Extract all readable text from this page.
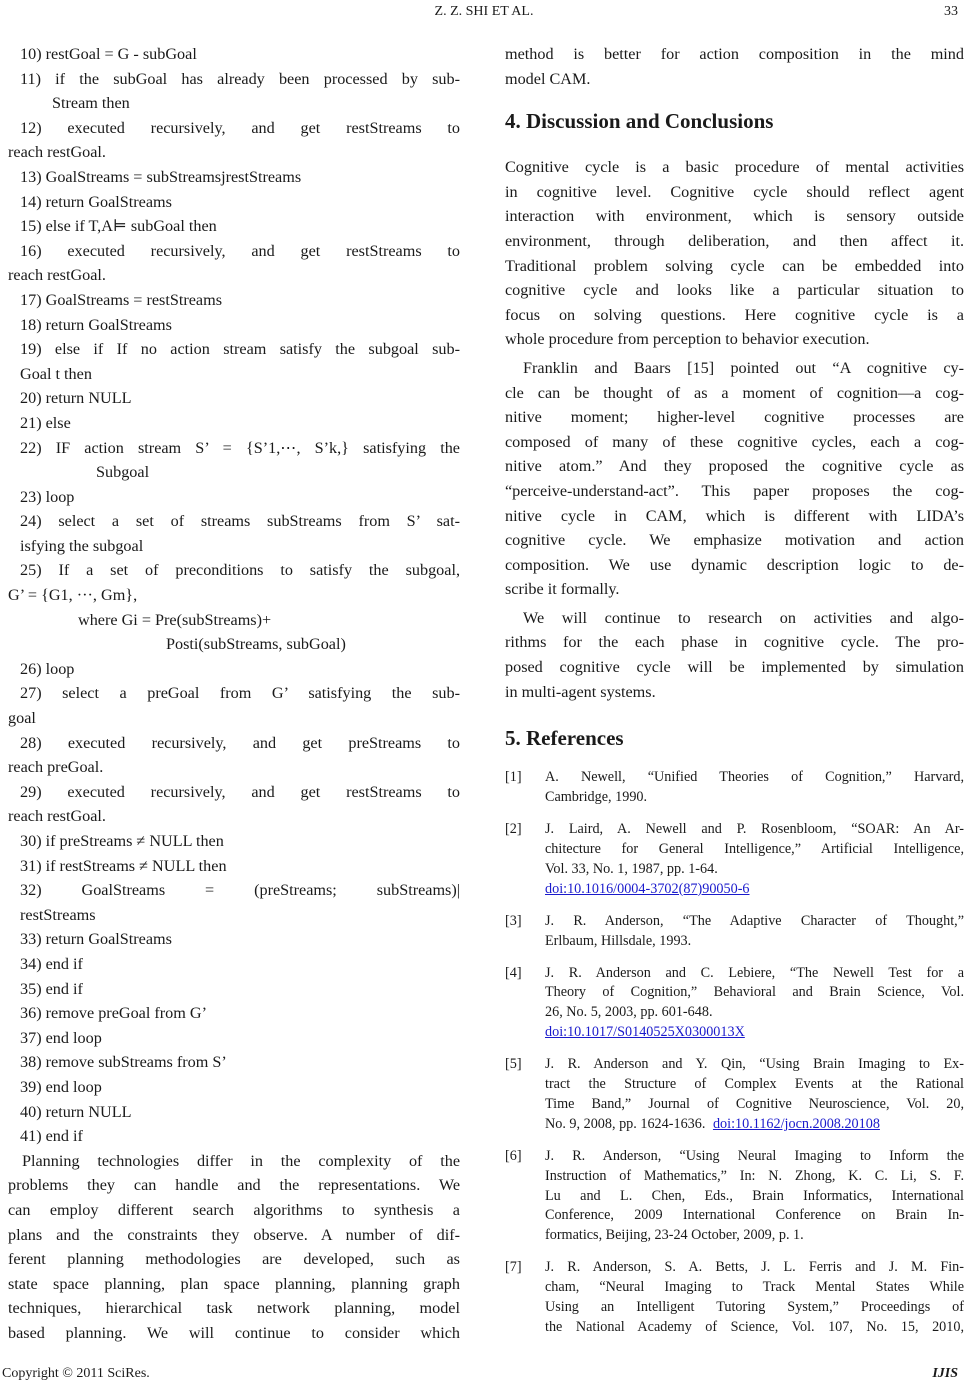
Z. Z. SHI ET AL.	33
10) restGoal = G - subGoal
11) if the subGoal has already been processed by sub-
Stream then
12) executed recursively, and get restStreams to
reach restGoal.
13) GoalStreams = subStreamsjrestStreams
14) return GoalStreams
15) else if T,A⊨ subGoal then
16) executed recursively, and get restStreams to
reach restGoal.
17) GoalStreams = restStreams
18) return GoalStreams
19) else if If no action stream satisfy the subgoal sub-
Goal t then
20) return NULL
21) else
22) IF action stream S’ = {S’1,⋯, S’k,} satisfying the
Subgoal
23) loop
24) select a set of streams subStreams from S’ sat-
isfying the subgoal
25) If a set of preconditions to satisfy the subgoal,
G’ = {G1, ···, Gm},
where Gi = Pre(subStreams)+
Posti(subStreams, subGoal)
26) loop
27) select a preGoal from G’ satisfying the sub-
goal
28) executed recursively, and get preStreams to
reach preGoal.
29) executed recursively, and get restStreams to
reach restGoal.
30) if preStreams ≠ NULL then
31) if restStreams ≠ NULL then
32) GoalStreams = (preStreams; subStreams)|
restStreams
33) return GoalStreams
34) end if
35) end if
36) remove preGoal from G’
37) end loop
38) remove subStreams from S’
39) end loop
40) return NULL
41) end if
Planning technologies differ in the complexity of the
problems they can handle and the representations. We
can employ different search algorithms to synthesis a
plans and the constraints they observe. A number of dif-
ferent planning methodologies are developed, such as
state space planning, plan space planning, planning graph
techniques, hierarchical task network planning, model
based planning. We will continue to consider which
method is better for action composition in the mind
model CAM.
4. Discussion and Conclusions
Cognitive cycle is a basic procedure of mental activities
in cognitive level. Cognitive cycle should reflect agent
interaction with environment, which is sensory outside
environment, through deliberation, and then affect it.
Traditional problem solving cycle can be embedded into
cognitive cycle and looks like a particular situation to
focus on solving questions. Here cognitive cycle is a
whole procedure from perception to behavior execution.
Franklin and Baars [15] pointed out “A cognitive cy-
cle can be thought of as a moment of cognition—a cog-
nitive moment; higher-level cognitive processes are
composed of many of these cognitive cycles, each a cog-
nitive atom.” And they proposed the cognitive cycle as
“perceive-understand-act”. This paper proposes the cog-
nitive cycle in CAM, which is different with LIDA’s
cognitive cycle. We emphasize motivation and action
composition. We use dynamic description logic to de-
scribe it formally.
We will continue to research on activities and algo-
rithms for the each phase in cognitive cycle. The pro-
posed cognitive cycle will be implemented by simulation
in multi-agent systems.
5. References
[1] A. Newell, “Unified Theories of Cognition,” Harvard,
Cambridge, 1990.
[2] J. Laird, A. Newell and P. Rosenbloom, “SOAR: An Ar-
chitecture for General Intelligence,” Artificial Intelligence,
Vol. 33, No. 1, 1987, pp. 1-64.
doi:10.1016/0004-3702(87)90050-6
[3] J. R. Anderson, “The Adaptive Character of Thought,”
Erlbaum, Hillsdale, 1993.
[4] J. R. Anderson and C. Lebiere, “The Newell Test for a
Theory of Cognition,” Behavioral and Brain Science, Vol.
26, No. 5, 2003, pp. 601-648.
doi:10.1017/S0140525X0300013X
[5] J. R. Anderson and Y. Qin, “Using Brain Imaging to Ex-
tract the Structure of Complex Events at the Rational
Time Band,” Journal of Cognitive Neuroscience, Vol. 20,
No. 9, 2008, pp. 1624-1636. doi:10.1162/jocn.2008.20108
[6] J. R. Anderson, “Using Neural Imaging to Inform the
Instruction of Mathematics,” In: N. Zhong, K. C. Li, S. F.
Lu and L. Chen, Eds., Brain Informatics, International
Conference, 2009 International Conference on Brain In-
formatics, Beijing, 23-24 October, 2009, p. 1.
[7] J. R. Anderson, S. A. Betts, J. L. Ferris and J. M. Fin-
cham, “Neural Imaging to Track Mental States While
Using an Intelligent Tutoring System,” Proceedings of
the National Academy of Science, Vol. 107, No. 15, 2010,
Copyright © 2011 SciRes.	IJIS
